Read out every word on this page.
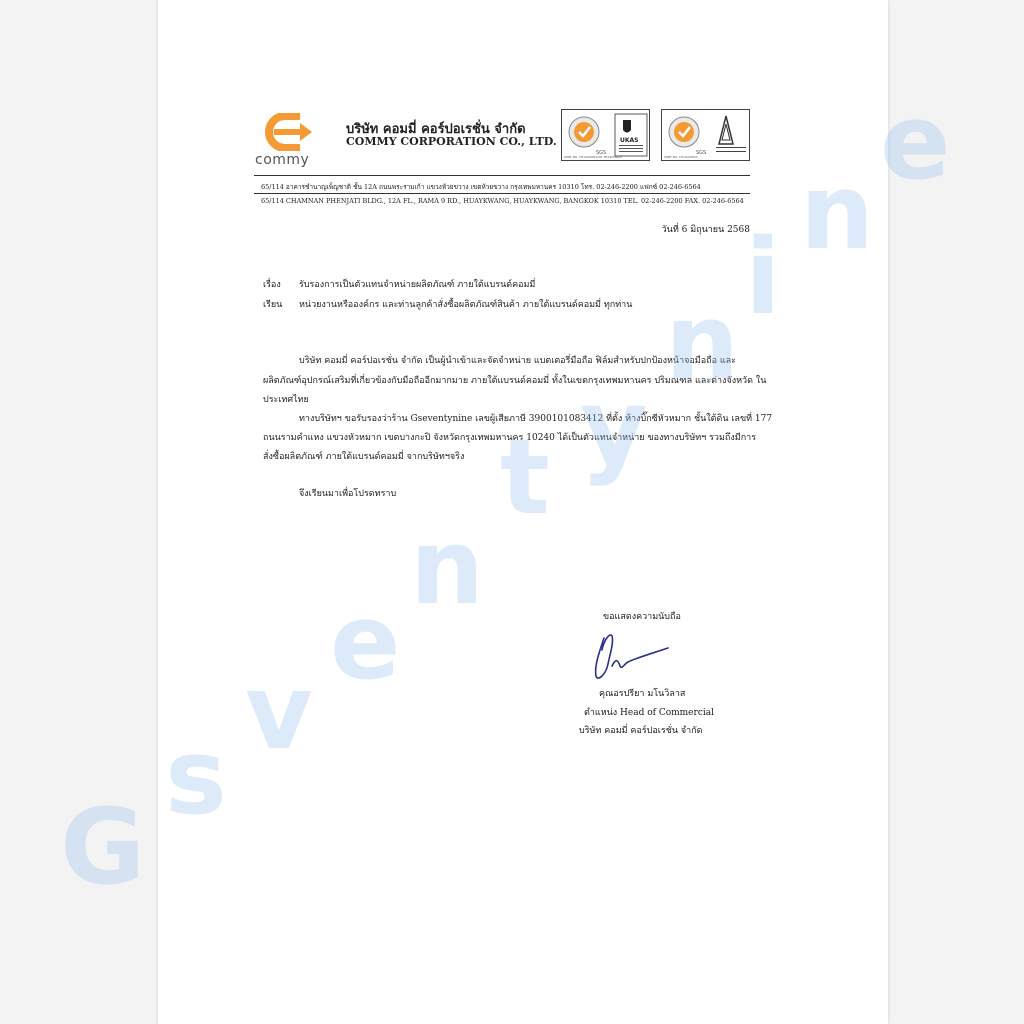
commy
บริษัท คอมมี่ คอร์ปอเรชั่น จำกัด
COMMY CORPORATION CO., LTD.
SGS
UKAS
CERT NO. TH14/09020.00 TH14/09020
SGS
CERT NO. TH14/09020
65/114 อาคารชำนาญเพ็ญชาติ ชั้น 12A ถนนพระรามเก้า แขวงห้วยขวาง เขตห้วยขวาง กรุงเทพมหานคร 10310 โทร. 02-246-2200 แฟกซ์ 02-246-6564
65/114 CHAMNAN PHENJATI BLDG., 12A FL., RAMA 9 RD., HUAYKWANG, HUAYKWANG, BANGKOK 10310 TEL. 02-246-2200 FAX. 02-246-6564
วันที่ 6 มิถุนายน 2568
เรื่อง รับรองการเป็นตัวแทนจำหน่ายผลิตภัณฑ์ ภายใต้แบรนด์คอมมี่
เรียน หน่วยงานหรือองค์กร และท่านลูกค้าสั่งซื้อผลิตภัณฑ์สินค้า ภายใต้แบรนด์คอมมี่ ทุกท่าน
บริษัท คอมมี่ คอร์ปอเรชั่น จำกัด เป็นผู้นำเข้าและจัดจำหน่าย แบตเตอรี่มือถือ ฟิล์มสำหรับปกป้องหน้าจอมือถือ และ
ผลิตภัณฑ์อุปกรณ์เสริมที่เกี่ยวข้องกับมือถืออีกมากมาย ภายใต้แบรนด์คอมมี่ ทั้งในเขตกรุงเทพมหานคร ปริมณฑล และต่างจังหวัด ใน
ประเทศไทย
ทางบริษัทฯ ขอรับรองว่าร้าน Gseventynine เลขผู้เสียภาษี 3900101083412 ที่ตั้ง ห้างบิ๊กซีหัวหมาก ชั้นใต้ดิน เลขที่ 177
ถนนรามคำแหง แขวงหัวหมาก เขตบางกะปิ จังหวัดกรุงเทพมหานคร 10240 ได้เป็นตัวแทนจำหน่าย ของทางบริษัทฯ รวมถึงมีการ
สั่งซื้อผลิตภัณฑ์ ภายใต้แบรนด์คอมมี่ จากบริษัทฯจริง
จึงเรียนมาเพื่อโปรดทราบ
ขอแสดงความนับถือ
คุณอรปรียา มโนวิลาส
ตำแหน่ง Head of Commercial
บริษัท คอมมี่ คอร์ปอเรชั่น จำกัด
G
s
v
e
n
t y
n
i
n
e
